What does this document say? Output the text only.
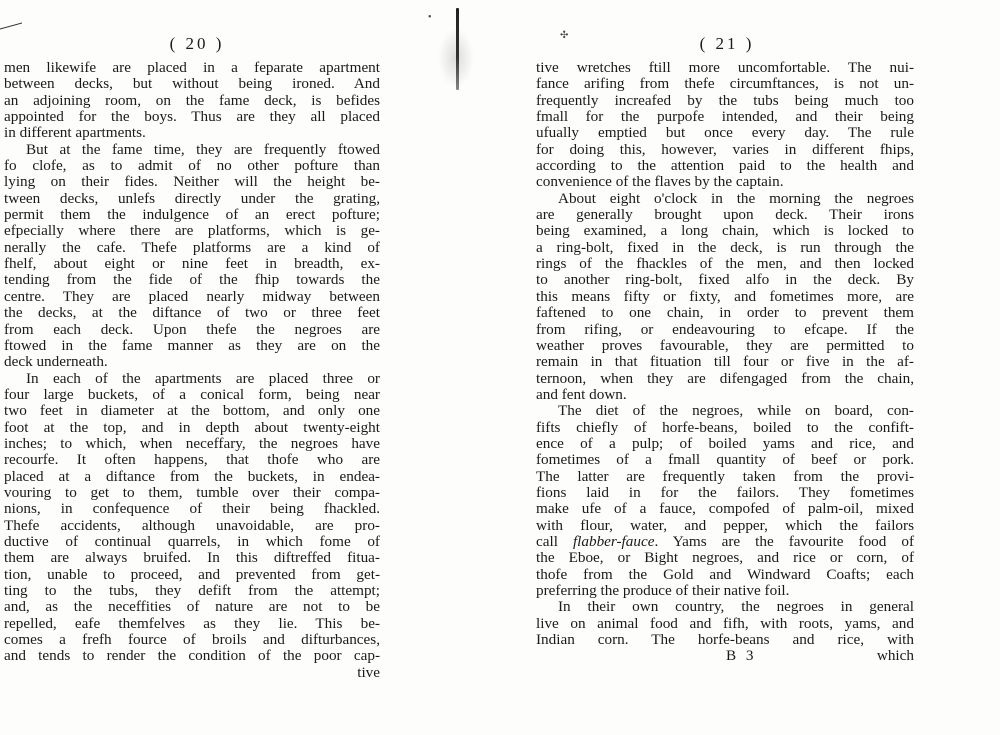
•
✣
( 20 )
men likewife are placed in a feparate apartment
between decks, but without being ironed. And
an adjoining room, on the fame deck, is befides
appointed for the boys. Thus are they all placed
in different apartments.
But at the fame time, they are frequently ftowed
fo clofe, as to admit of no other pofture than
lying on their fides. Neither will the height be-
tween decks, unlefs directly under the grating,
permit them the indulgence of an erect pofture;
efpecially where there are platforms, which is ge-
nerally the cafe. Thefe platforms are a kind of
fhelf, about eight or nine feet in breadth, ex-
tending from the fide of the fhip towards the
centre. They are placed nearly midway between
the decks, at the diftance of two or three feet
from each deck. Upon thefe the negroes are
ftowed in the fame manner as they are on the
deck underneath.
In each of the apartments are placed three or
four large buckets, of a conical form, being near
two feet in diameter at the bottom, and only one
foot at the top, and in depth about twenty-eight
inches; to which, when neceffary, the negroes have
recourfe. It often happens, that thofe who are
placed at a diftance from the buckets, in endea-
vouring to get to them, tumble over their compa-
nions, in confequence of their being fhackled.
Thefe accidents, although unavoidable, are pro-
ductive of continual quarrels, in which fome of
them are always bruifed. In this diftreffed fitua-
tion, unable to proceed, and prevented from get-
ting to the tubs, they defift from the attempt;
and, as the neceffities of nature are not to be
repelled, eafe themfelves as they lie. This be-
comes a frefh fource of broils and difturbances,
and tends to render the condition of the poor cap-
tive
( 21 )
tive wretches ftill more uncomfortable. The nui-
fance arifing from thefe circumftances, is not un-
frequently increafed by the tubs being much too
fmall for the purpofe intended, and their being
ufually emptied but once every day. The rule
for doing this, however, varies in different fhips,
according to the attention paid to the health and
convenience of the flaves by the captain.
About eight o'clock in the morning the negroes
are generally brought upon deck. Their irons
being examined, a long chain, which is locked to
a ring-bolt, fixed in the deck, is run through the
rings of the fhackles of the men, and then locked
to another ring-bolt, fixed alfo in the deck. By
this means fifty or fixty, and fometimes more, are
faftened to one chain, in order to prevent them
from rifing, or endeavouring to efcape. If the
weather proves favourable, they are permitted to
remain in that fituation till four or five in the af-
ternoon, when they are difengaged from the chain,
and fent down.
The diet of the negroes, while on board, con-
fifts chiefly of horfe-beans, boiled to the confift-
ence of a pulp; of boiled yams and rice, and
fometimes of a fmall quantity of beef or pork.
The latter are frequently taken from the provi-
fions laid in for the failors. They fometimes
make ufe of a fauce, compofed of palm-oil, mixed
with flour, water, and pepper, which the failors
call flabber-fauce. Yams are the favourite food of
the Eboe, or Bight negroes, and rice or corn, of
thofe from the Gold and Windward Coafts; each
preferring the produce of their native foil.
In their own country, the negroes in general
live on animal food and fifh, with roots, yams, and
Indian corn. The horfe-beans and rice, with
B 3	which
